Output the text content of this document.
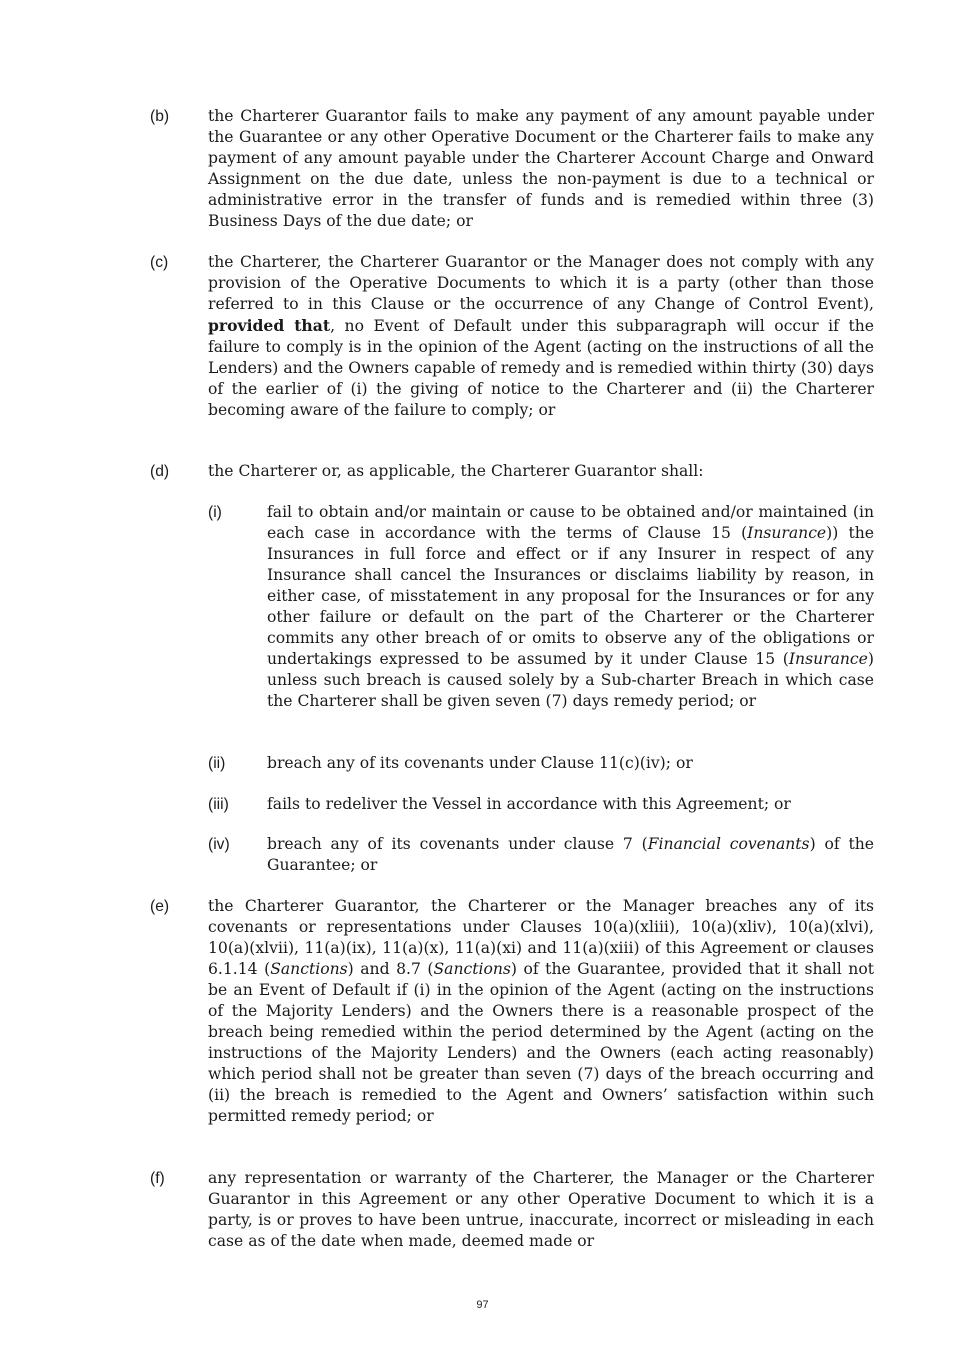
(b) the Charterer Guarantor fails to make any payment of any amount payable under the Guarantee or any other Operative Document or the Charterer fails to make any payment of any amount payable under the Charterer Account Charge and Onward Assignment on the due date, unless the non-payment is due to a technical or administrative error in the transfer of funds and is remedied within three (3) Business Days of the due date; or
(c)	the Charterer, the Charterer Guarantor or the Manager does not comply with any provision of the Operative Documents to which it is a party (other than those referred to in this Clause or the occurrence of any Change of Control Event), provided that, no Event of Default under this subparagraph will occur if the failure to comply is in the opinion of the Agent (acting on the instructions of all the Lenders) and the Owners capable of remedy and is remedied within thirty (30) days of the earlier of (i) the giving of notice to the Charterer and (ii) the Charterer becoming aware of the failure to comply; or
(d) the Charterer or, as applicable, the Charterer Guarantor shall:
(i)	fail to obtain and/or maintain or cause to be obtained and/or maintained (in each case in accordance with the terms of Clause 15 (Insurance)) the Insurances in full force and effect or if any Insurer in respect of any Insurance shall cancel the Insurances or disclaims liability by reason, in either case, of misstatement in any proposal for the Insurances or for any other failure or default on the part of the Charterer or the Charterer commits any other breach of or omits to observe any of the obligations or undertakings expressed to be assumed by it under Clause 15 (Insurance) unless such breach is caused solely by a Sub-charter Breach in which case the Charterer shall be given seven (7) days remedy period; or
(ii)	breach any of its covenants under Clause 11(c)(iv); or
(iii) fails to redeliver the Vessel in accordance with this Agreement; or
(iv) breach any of its covenants under clause 7 (Financial covenants) of the Guarantee; or
(e) the Charterer Guarantor, the Charterer or the Manager breaches any of its covenants or representations under Clauses 10(a)(xliii), 10(a)(xliv), 10(a)(xlvi), 10(a)(xlvii), 11(a)(ix), 11(a)(x), 11(a)(xi) and 11(a)(xiii) of this Agreement or clauses 6.1.14 (Sanctions) and 8.7 (Sanctions) of the Guarantee, provided that it shall not be an Event of Default if (i) in the opinion of the Agent (acting on the instructions of the Majority Lenders) and the Owners there is a reasonable prospect of the breach being remedied within the period determined by the Agent (acting on the instructions of the Majority Lenders) and the Owners (each acting reasonably) which period shall not be greater than seven (7) days of the breach occurring and (ii) the breach is remedied to the Agent and Owners’ satisfaction within such permitted remedy period; or
(f)	any representation or warranty of the Charterer, the Manager or the Charterer Guarantor in this Agreement or any other Operative Document to which it is a party, is or proves to have been untrue, inaccurate, incorrect or misleading in each case as of the date when made, deemed made or
97
